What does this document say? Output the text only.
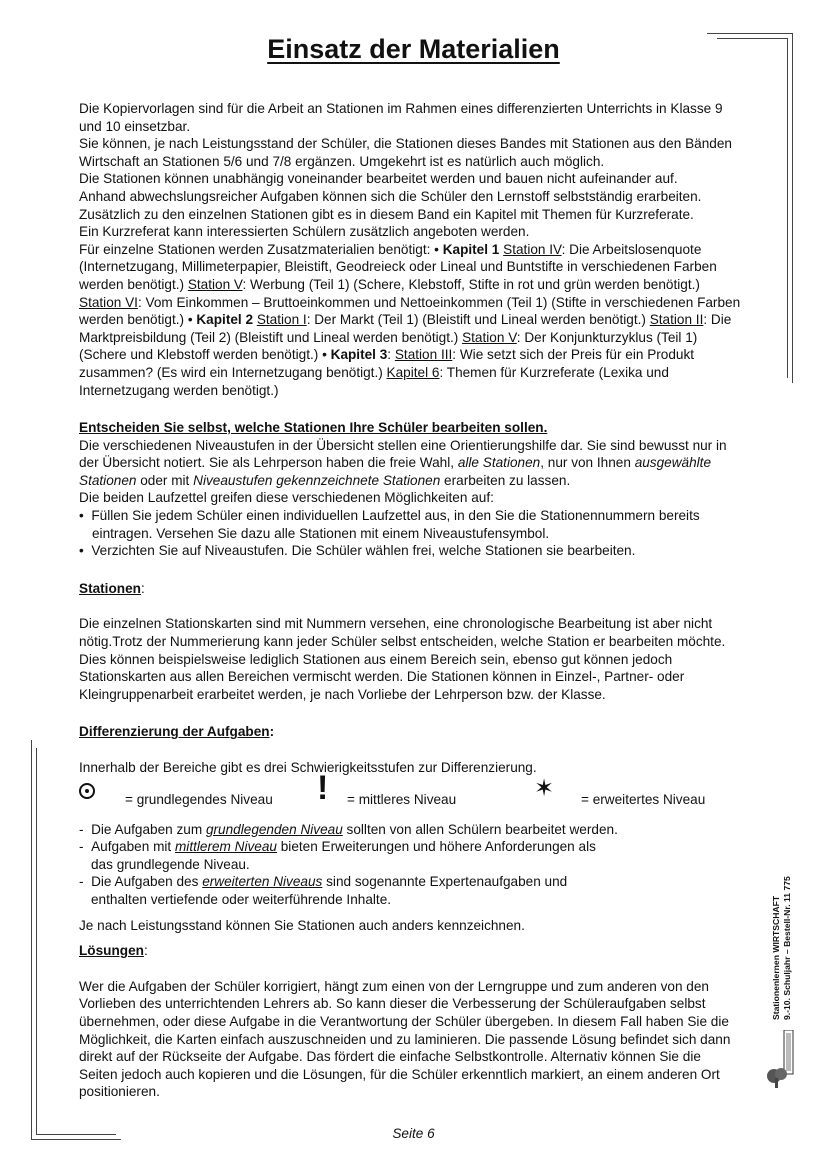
Einsatz der Materialien

Die Kopiervorlagen sind für die Arbeit an Stationen im Rahmen eines differenzierten Unterrichts in Klasse 9 und 10 einsetzbar.

Sie können, je nach Leistungsstand der Schüler, die Stationen dieses Bandes mit Stationen aus den Bänden Wirtschaft an Stationen 5/6 und 7/8 ergänzen. Umgekehrt ist es natürlich auch möglich.

Die Stationen können unabhängig voneinander bearbeitet werden und bauen nicht aufeinander auf.

Anhand abwechslungsreicher Aufgaben können sich die Schüler den Lernstoff selbstständig erarbeiten.

Zusätzlich zu den einzelnen Stationen gibt es in diesem Band ein Kapitel mit Themen für Kurzreferate.

Ein Kurzreferat kann interessierten Schülern zusätzlich angeboten werden.

Für einzelne Stationen werden Zusatzmaterialien benötigt: • Kapitel 1 Station IV: Die Arbeitslosenquote (Internetzugang, Millimeterpapier, Bleistift, Geodreieck oder Lineal und Buntstifte in verschiedenen Farben werden benötigt.) Station V: Werbung (Teil 1) (Schere, Klebstoff, Stifte in rot und grün werden benötigt.) Station VI: Vom Einkommen – Bruttoeinkommen und Nettoeinkommen (Teil 1) (Stifte in verschiedenen Farben werden benötigt.) • Kapitel 2 Station I: Der Markt (Teil 1) (Bleistift und Lineal werden benötigt.) Station II: Die Marktpreisbildung (Teil 2) (Bleistift und Lineal werden benötigt.) Station V: Der Konjunkturzyklus (Teil 1) (Schere und Klebstoff werden benötigt.) • Kapitel 3: Station III: Wie setzt sich der Preis für ein Produkt zusammen? (Es wird ein Internetzugang benötigt.) Kapitel 6: Themen für Kurzreferate (Lexika und Internetzugang werden benötigt.)

Entscheiden Sie selbst, welche Stationen Ihre Schüler bearbeiten sollen.

Die verschiedenen Niveaustufen in der Übersicht stellen eine Orientierungshilfe dar. Sie sind bewusst nur in der Übersicht notiert. Sie als Lehrperson haben die freie Wahl, alle Stationen, nur von Ihnen ausgewählte Stationen oder mit Niveaustufen gekennzeichnete Stationen erarbeiten zu lassen.

Die beiden Laufzettel greifen diese verschiedenen Möglichkeiten auf:

•  Füllen Sie jedem Schüler einen individuellen Laufzettel aus, in den Sie die Stationennummern bereits eintragen. Versehen Sie dazu alle Stationen mit einem Niveaustufensymbol.

•  Verzichten Sie auf Niveaustufen. Die Schüler wählen frei, welche Stationen sie bearbeiten.

Stationen:

Die einzelnen Stationskarten sind mit Nummern versehen, eine chronologische Bearbeitung ist aber nicht nötig.Trotz der Nummerierung kann jeder Schüler selbst entscheiden, welche Station er bearbeiten möchte. Dies können beispielsweise lediglich Stationen aus einem Bereich sein, ebenso gut können jedoch Stationskarten aus allen Bereichen vermischt werden. Die Stationen können in Einzel-, Partner- oder Kleingruppenarbeit erarbeitet werden, je nach Vorliebe der Lehrperson bzw. der Klasse.

Differenzierung der Aufgaben:

Innerhalb der Bereiche gibt es drei Schwierigkeitsstufen zur Differenzierung.

= grundlegendes Niveau ! = mittleres Niveau	✶ = erweitertes Niveau

-  Die Aufgaben zum grundlegenden Niveau sollten von allen Schülern bearbeitet werden.

-  Aufgaben mit mittlerem Niveau bieten Erweiterungen und höhere Anforderungen als das grundlegende Niveau.

-  Die Aufgaben des erweiterten Niveaus sind sogenannte Expertenaufgaben und enthalten vertiefende oder weiterführende Inhalte.

Je nach Leistungsstand können Sie Stationen auch anders kennzeichnen.

Lösungen:

Wer die Aufgaben der Schüler korrigiert, hängt zum einen von der Lerngruppe und zum anderen von den Vorlieben des unterrichtenden Lehrers ab. So kann dieser die Verbesserung der Schüleraufgaben selbst übernehmen, oder diese Aufgabe in die Verantwortung der Schüler übergeben. In diesem Fall haben Sie die Möglichkeit, die Karten einfach auszuschneiden und zu laminieren. Die passende Lösung befindet sich dann direkt auf der Rückseite der Aufgabe. Das fördert die einfache Selbstkontrolle. Alternativ können Sie die Seiten jedoch auch kopieren und die Lösungen, für die Schüler erkenntlich markiert, an einem anderen Ort positionieren.

Stationenlernen WIRTSCHAFT 9.-10. Schuljahr – Bestell-Nr. 11 775
Seite 6
